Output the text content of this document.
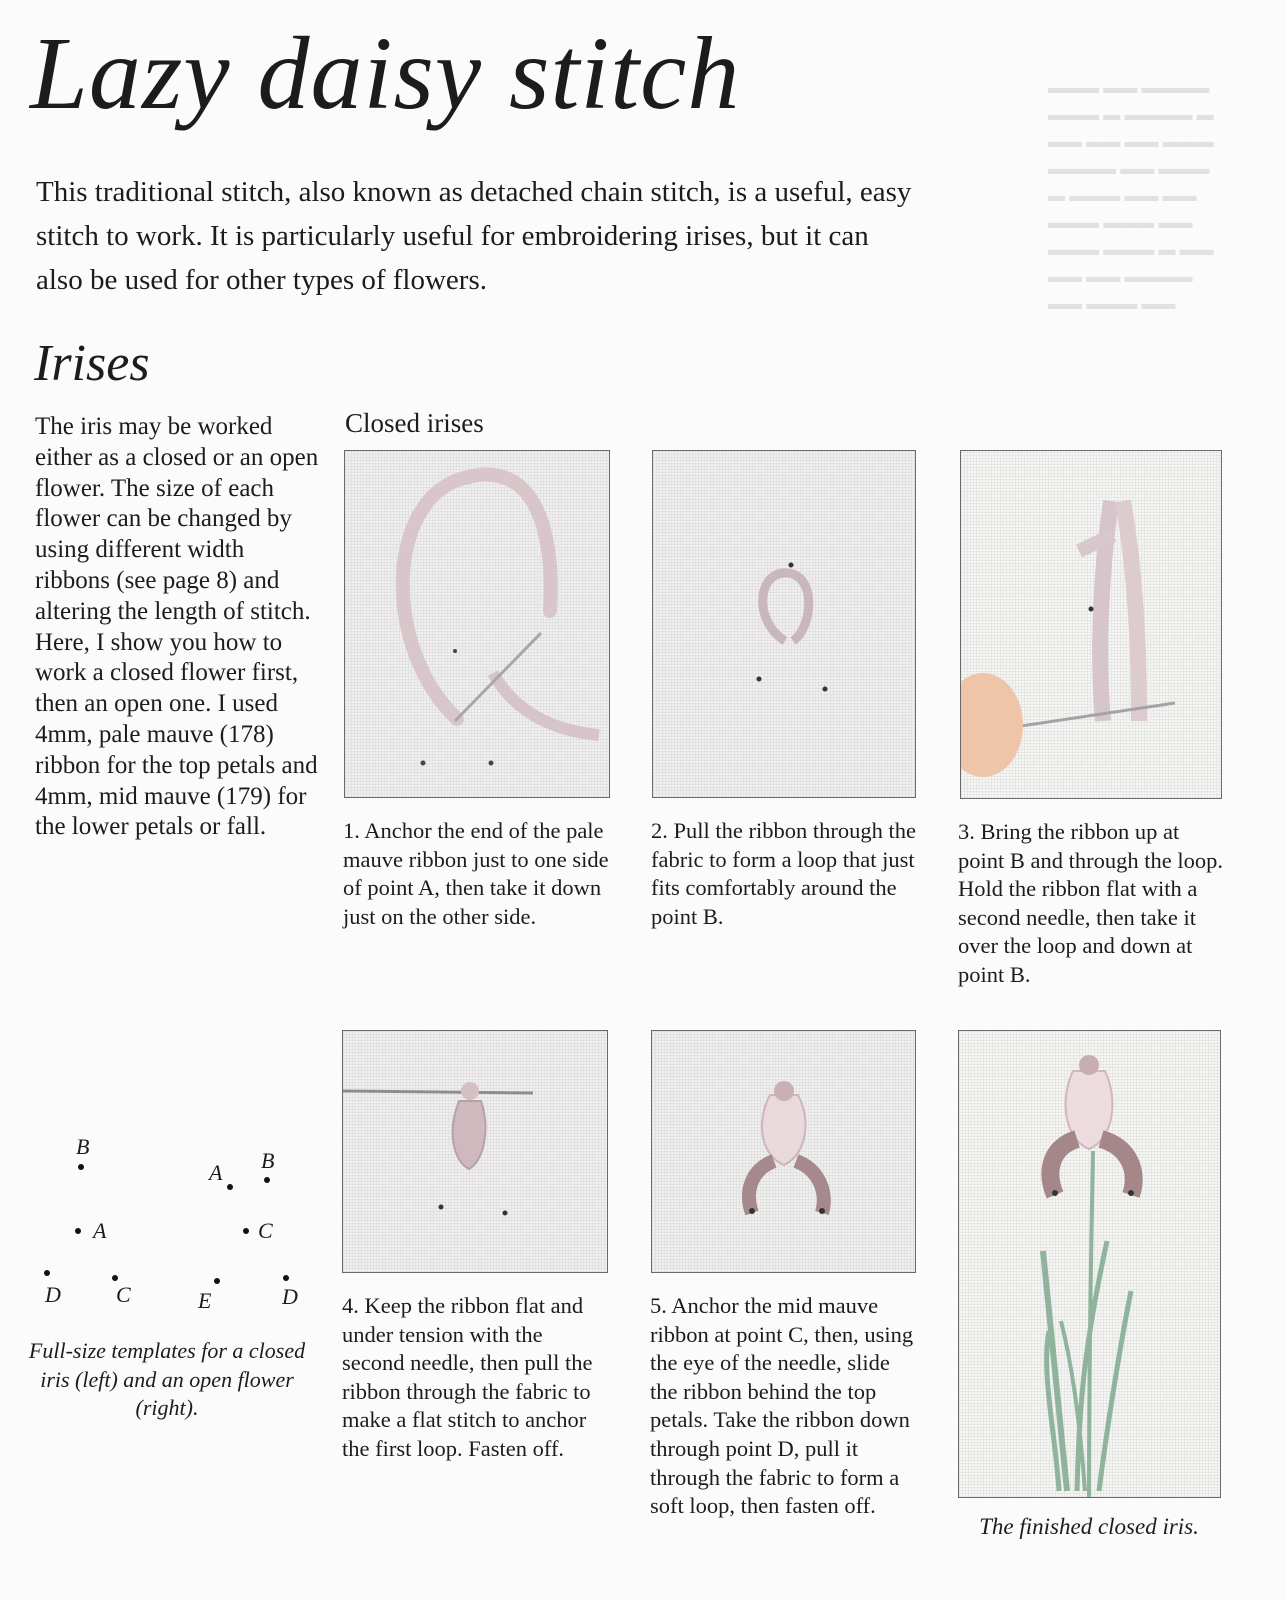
▬▬▬ ▬▬ ▬▬▬▬
▬▬▬ ▬ ▬▬▬▬ ▬
▬▬ ▬▬ ▬▬ ▬▬▬
▬▬▬▬ ▬▬ ▬▬▬
▬ ▬▬▬ ▬▬ ▬▬
▬▬▬ ▬▬▬ ▬▬
▬▬▬ ▬▬▬ ▬ ▬▬
▬▬ ▬▬ ▬▬▬▬
▬▬ ▬▬▬ ▬▬
Lazy daisy stitch
This traditional stitch, also known as detached chain stitch, is a useful, easy stitch to work. It is particularly useful for embroidering irises, but it can also be used for other types of flowers.
Irises
The iris may be worked either as a closed or an open flower. The size of each flower can be changed by using different width ribbons (see page 8) and altering the length of stitch. Here, I show you how to work a closed flower first, then an open one. I used 4mm, pale mauve (178) ribbon for the top petals and 4mm, mid mauve (179) for the lower petals or fall.
Closed irises
1. Anchor the end of the pale mauve ribbon just to one side of point A, then take it down just on the other side.
2. Pull the ribbon through the fabric to form a loop that just fits comfortably around the point B.
3. Bring the ribbon up at point B and through the loop. Hold the ribbon flat with a second needle, then take it over the loop and down at point B.
4. Keep the ribbon flat and under tension with the second needle, then pull the ribbon through the fabric to make a flat stitch to anchor the first loop. Fasten off.
5. Anchor the mid mauve ribbon at point C, then, using the eye of the needle, slide the ribbon behind the top petals. Take the ribbon down through point D, pull it through the fabric to form a soft loop, then fasten off.
B
A
D	C
A B
C
E	D
Full-size templates for a closed iris (left) and an open flower (right).
The finished closed iris.
